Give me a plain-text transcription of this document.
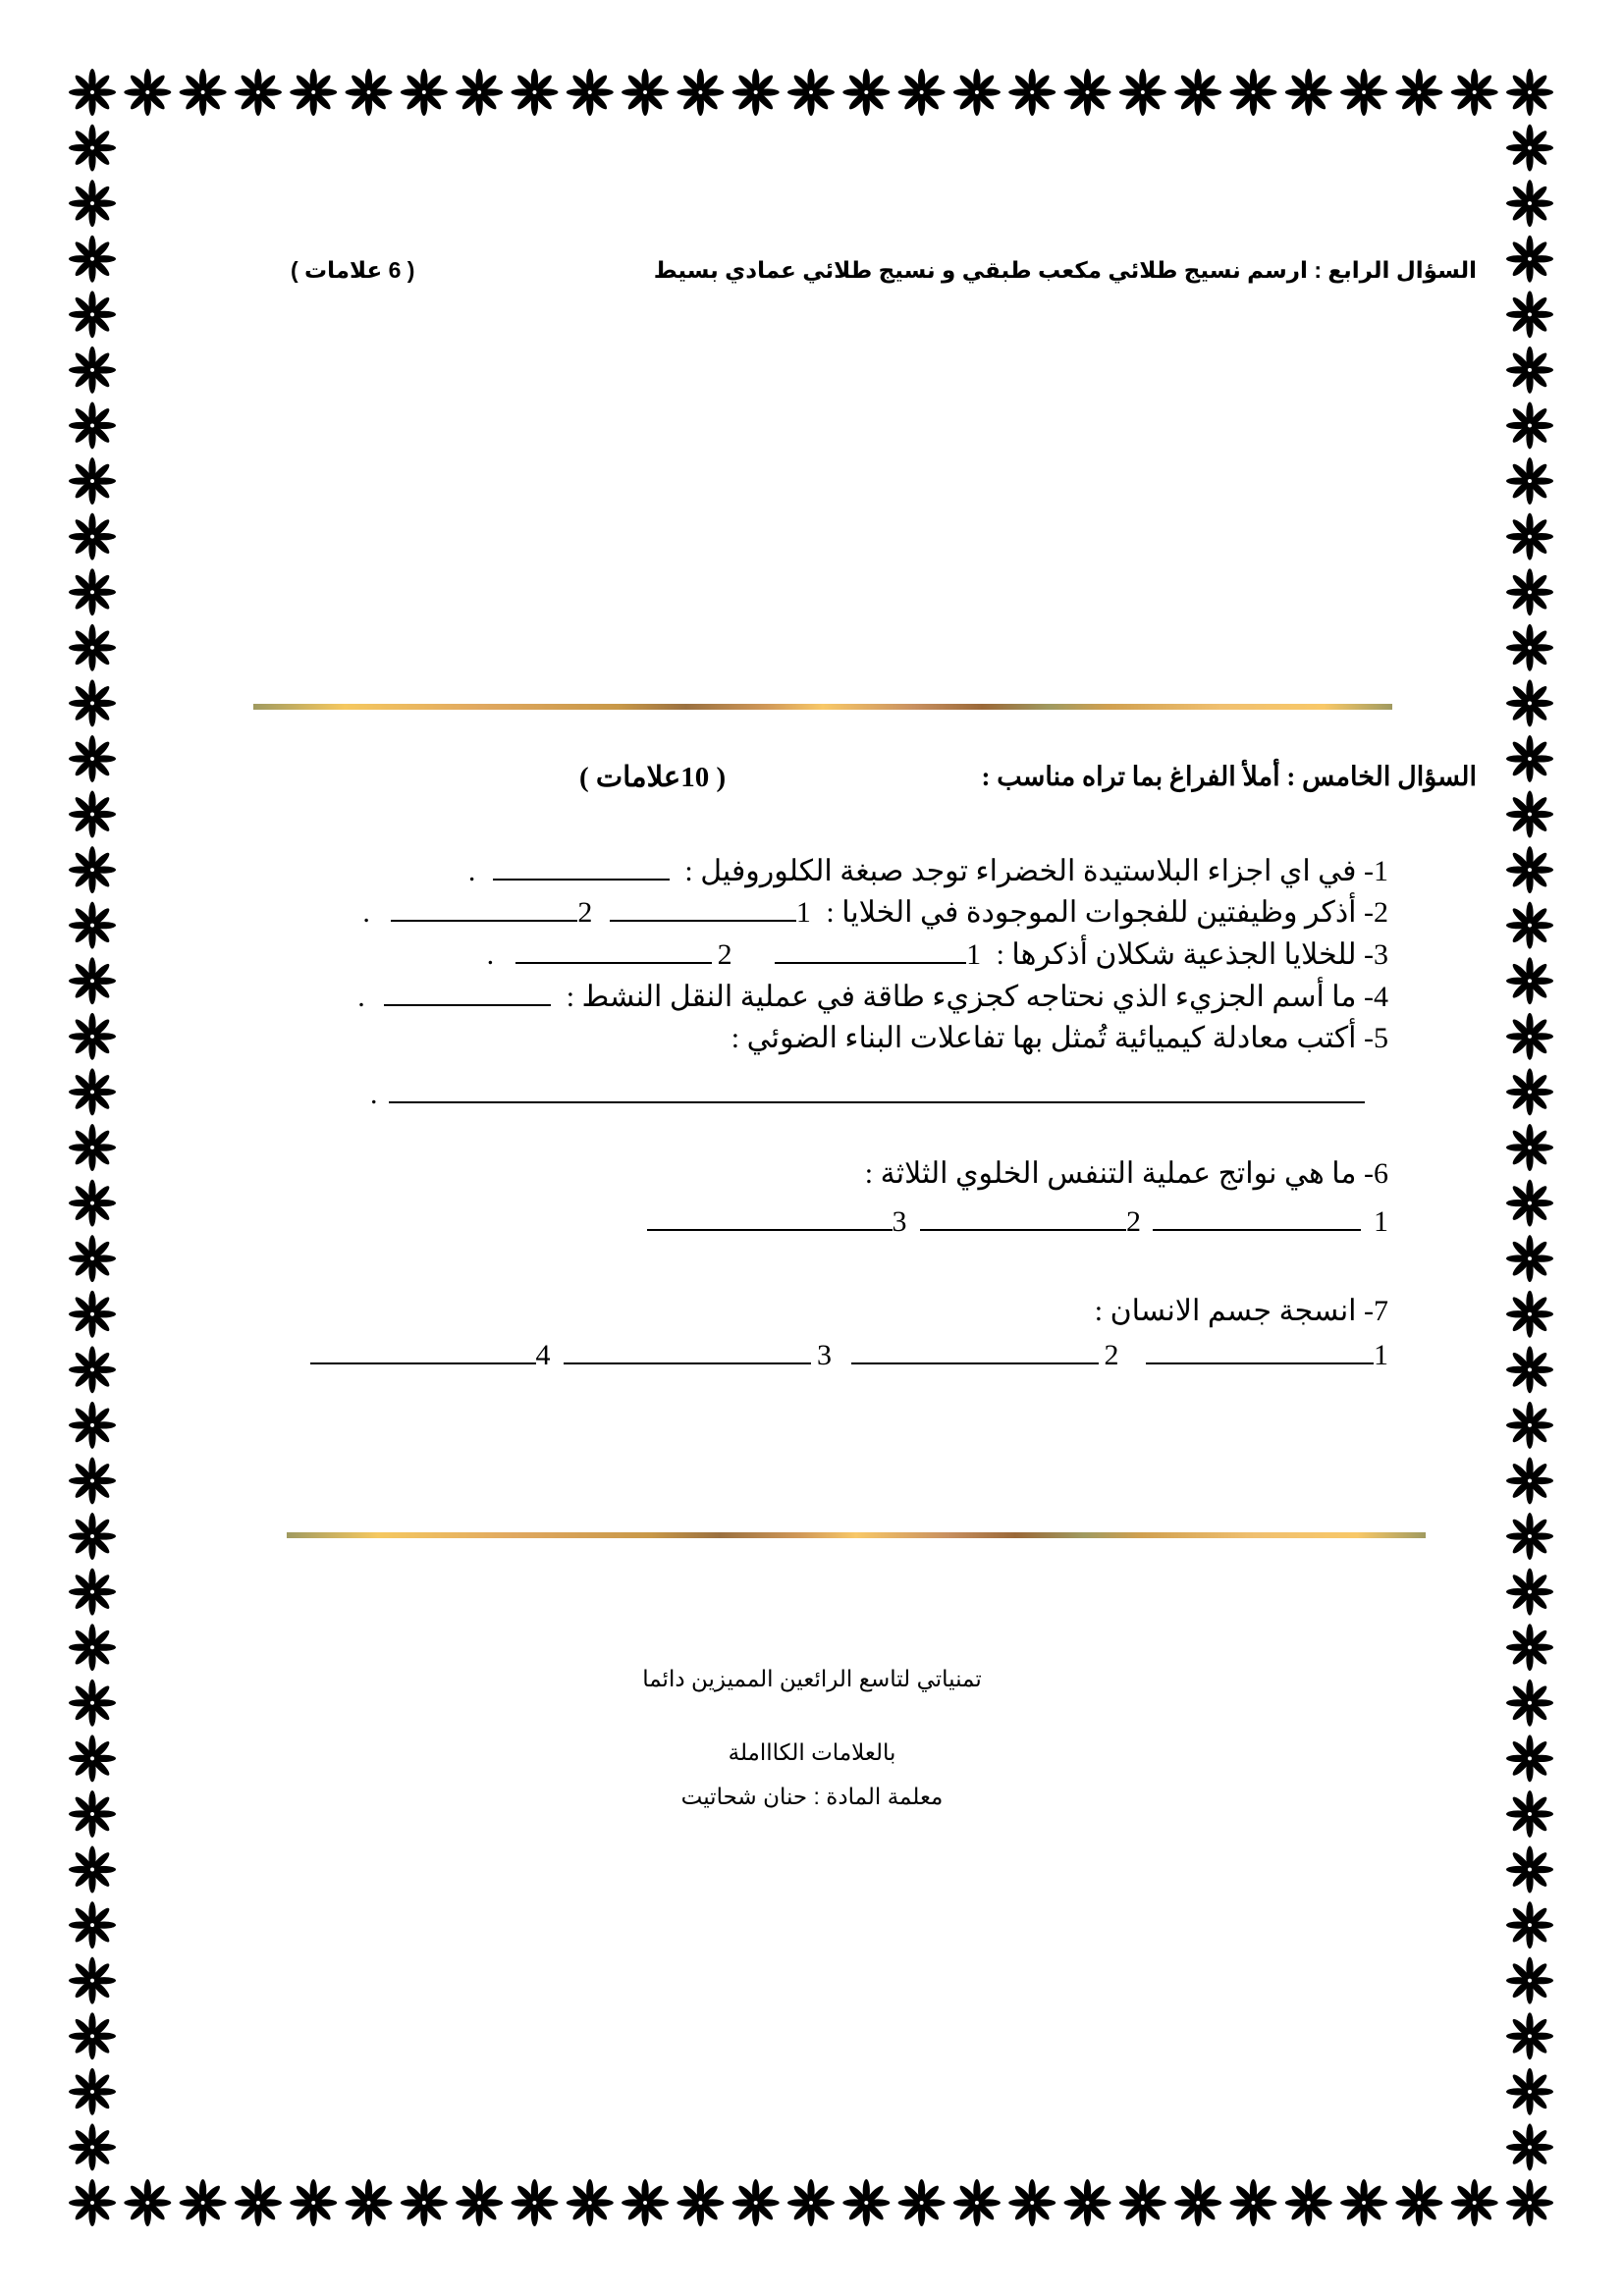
السؤال الرابع : ارسم نسيج طلائي مكعب طبقي و نسيج طلائي عمادي بسيط
( 6 علامات )
السؤال الخامس : أملأ الفراغ بما تراه مناسب :
( 10علامات )
1- في اي اجزاء البلاستيدة الخضراء توجد صبغة الكلوروفيل :  .
2- أذكر وظيفتين للفجوات الموجودة في الخلايا : 1 2 .
3- للخلايا الجذعية شكلان أذكرها : 1 2 .
4- ما أسم الجزيء الذي نحتاجه كجزيء طاقة في عملية النقل النشط :  .
5- أكتب معادلة كيميائية تُمثل بها تفاعلات البناء الضوئي :
.
6- ما هي نواتج عملية التنفس الخلوي الثلاثة :
1  2 3
7- انسجة جسم الانسان :
1 2 3 4
تمنياتي لتاسع الرائعين المميزين دائما
بالعلامات الكاااملة
معلمة المادة : حنان شحاتيت
